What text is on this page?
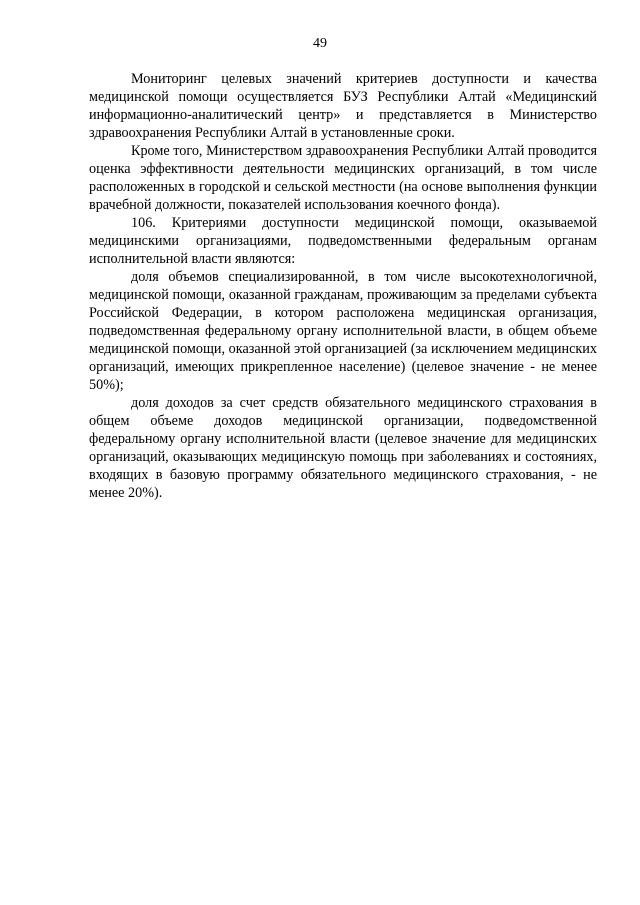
49

Мониторинг целевых значений критериев доступности и качества медицинской помощи осуществляется БУЗ Республики Алтай «Медицинский информационно-аналитический центр» и представляется в Министерство здравоохранения Республики Алтай в установленные сроки.

Кроме того, Министерством здравоохранения Республики Алтай проводится оценка эффективности деятельности медицинских организаций, в том числе расположенных в городской и сельской местности (на основе выполнения функции врачебной должности, показателей использования коечного фонда).

106. Критериями доступности медицинской помощи, оказываемой медицинскими организациями, подведомственными федеральным органам исполнительной власти являются:

доля объемов специализированной, в том числе высокотехнологичной, медицинской помощи, оказанной гражданам, проживающим за пределами субъекта Российской Федерации, в котором расположена медицинская организация, подведомственная федеральному органу исполнительной власти, в общем объеме медицинской помощи, оказанной этой организацией (за исключением медицинских организаций, имеющих прикрепленное население) (целевое значение - не менее 50%);

доля доходов за счет средств обязательного медицинского страхования в общем объеме доходов медицинской организации, подведомственной федеральному органу исполнительной власти (целевое значение для медицинских организаций, оказывающих медицинскую помощь при заболеваниях и состояниях, входящих в базовую программу обязательного медицинского страхования, - не менее 20%).
